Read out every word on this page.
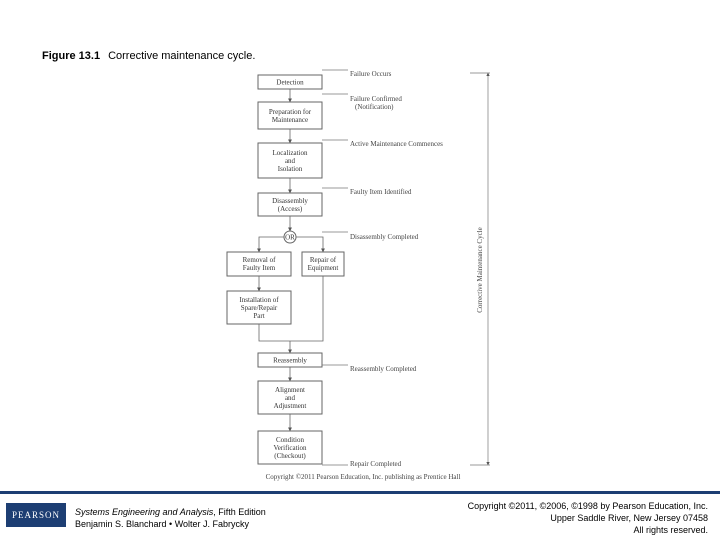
Figure 13.1 Corrective maintenance cycle.
OR
Detection
Preparation for Maintenance
Localization and Isolation
Disassembly (Access)
Removal of Faulty Item
Repair of Equipment
Installation of Spare/Repair Part
Reassembly
Alignment and Adjustment
Condition Verification (Checkout)
Failure Occurs
Failure Confirmed (Notification)
Active Maintenance Commences
Faulty Item Identified
Disassembly Completed
Reassembly Completed
Repair Completed
Corrective Maintenance Cycle
Copyright ©2011 Pearson Education, Inc. publishing as Prentice Hall
PEARSON	Systems Engineering and Analysis, Fifth Edition
Benjamin S. Blanchard • Wolter J. Fabrycky
Copyright ©2011, ©2006, ©1998 by Pearson Education, Inc.
Upper Saddle River, New Jersey 07458
All rights reserved.
